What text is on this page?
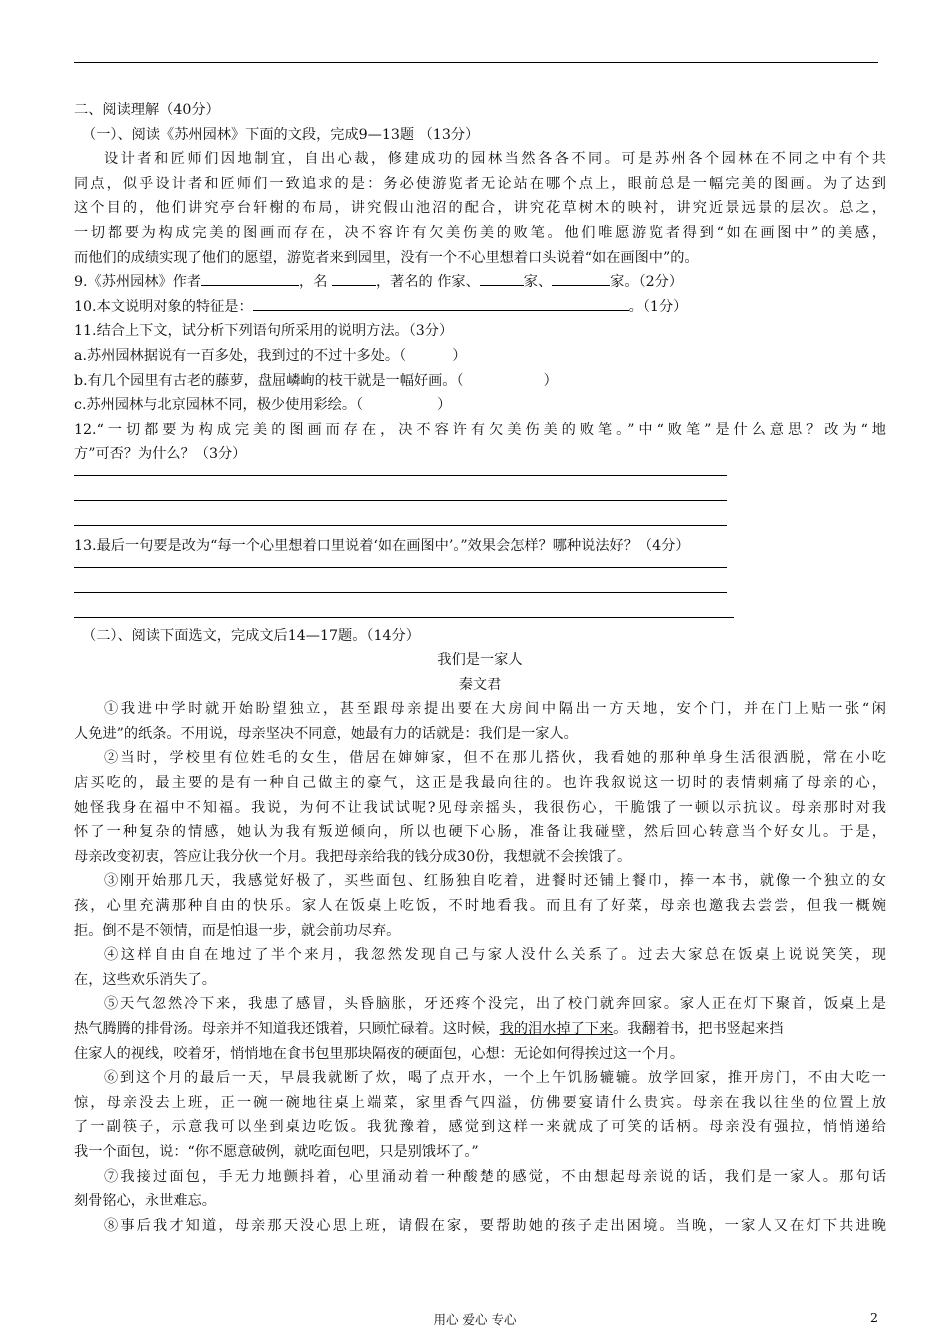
二、阅读理解（40分）
（一）、阅读《苏州园林》下面的文段，完成9—13题 （13分）
设计者和匠师们因地制宜，自出心裁，修建成功的园林当然各各不同。可是苏州各个园林在不同之中有个共
同点，似乎设计者和匠师们一致追求的是：务必使游览者无论站在哪个点上，眼前总是一幅完美的图画。为了达到
这个目的，他们讲究亭台轩榭的布局，讲究假山池沼的配合，讲究花草树木的映衬，讲究近景远景的层次。总之，
一切都要为构成完美的图画而存在，决不容许有欠美伤美的败笔。他们唯愿游览者得到“如在画图中”的美感，
而他们的成绩实现了他们的愿望，游览者来到园里，没有一个不心里想着口头说着“如在画图中”的。
9.《苏州园林》作者	，名	，著名的 作家、	家、	家。（2分）
10.本文说明对象的特征是：	。（1分）
11.结合上下文，试分析下列语句所采用的说明方法。（3分）
a.苏州园林据说有一百多处，我到过的不过十多处。（	）
b.有几个园里有古老的藤萝，盘屈嶙峋的枝干就是一幅好画。（	）
c.苏州园林与北京园林不同，极少使用彩绘。（	）
12.“一切都要为构成完美的图画而存在，决不容许有欠美伤美的败笔。”中“败笔”是什么意思？改为“地
方”可否？为什么？（3分）
13.最后一句要是改为“每一个心里想着口里说着‘如在画图中’。”效果会怎样？哪种说法好？（4分）
（二）、阅读下面选文，完成文后14—17题。（14分）
我们是一家人
秦文君
①我进中学时就开始盼望独立，甚至跟母亲提出要在大房间中隔出一方天地，安个门，并在门上贴一张“闲
人免进”的纸条。不用说，母亲坚决不同意，她最有力的话就是：我们是一家人。
②当时，学校里有位姓毛的女生，借居在婶婶家，但不在那儿搭伙，我看她的那种单身生活很洒脱，常在小吃
店买吃的，最主要的是有一种自己做主的豪气，这正是我最向往的。也许我叙说这一切时的表情刺痛了母亲的心，
她怪我身在福中不知福。我说，为何不让我试试呢?见母亲摇头，我很伤心，干脆饿了一顿以示抗议。母亲那时对我
怀了一种复杂的情感，她认为我有叛逆倾向，所以也硬下心肠，准备让我碰壁，然后回心转意当个好女儿。于是，
母亲改变初衷，答应让我分伙一个月。我把母亲给我的钱分成30份，我想就不会挨饿了。
③刚开始那几天，我感觉好极了，买些面包、红肠独自吃着，进餐时还铺上餐巾，捧一本书，就像一个独立的女
孩，心里充满那种自由的快乐。家人在饭桌上吃饭，不时地看我。而且有了好菜，母亲也邀我去尝尝，但我一概婉
拒。倒不是不领情，而是怕退一步，就会前功尽弃。
④这样自由自在地过了半个来月，我忽然发现自己与家人没什么关系了。过去大家总在饭桌上说说笑笑，现
在，这些欢乐消失了。
⑤天气忽然冷下来，我患了感冒，头昏脑胀，牙还疼个没完，出了校门就奔回家。家人正在灯下聚首，饭桌上是
热气腾腾的排骨汤。母亲并不知道我还饿着，只顾忙碌着。这时候，我的泪水掉了下来。我翻着书，把书竖起来挡
住家人的视线，咬着牙，悄悄地在食书包里那块隔夜的硬面包，心想：无论如何得挨过这一个月。
⑥到这个月的最后一天，早晨我就断了炊，喝了点开水，一个上午饥肠辘辘。放学回家，推开房门，不由大吃一
惊，母亲没去上班，正一碗一碗地往桌上端菜，家里香气四溢，仿佛要宴请什么贵宾。母亲在我以往坐的位置上放
了一副筷子，示意我可以坐到桌边吃饭。我犹豫着，感觉到这样一来就成了可笑的话柄。母亲没有强拉，悄悄递给
我一个面包，说：“你不愿意破例，就吃面包吧，只是别饿坏了。”
⑦我接过面包，手无力地颤抖着，心里涌动着一种酸楚的感觉，不由想起母亲说的话，我们是一家人。那句话
刻骨铭心，永世难忘。
⑧事后我才知道，母亲那天没心思上班，请假在家，要帮助她的孩子走出困境。当晚，一家人又在灯下共进晚
用心 爱心 专心	2
